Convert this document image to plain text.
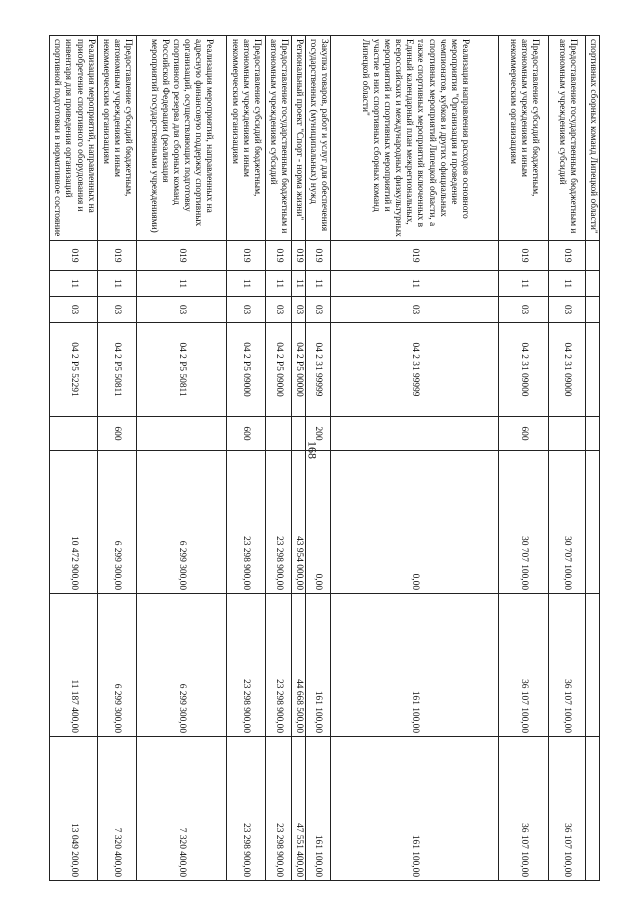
168
спортивных сборных команд Липецкой области"								
Предоставление государственным бюджетным и автономным учреждениям субсидий	019	11	03	04 2 31 09000		30 707 100,00	36 107 100,00	36 107 100,00
Предоставление субсидий бюджетным, автономным учреждениям и иным некоммерческим организациям	019	11	03	04 2 31 09000	600	30 707 100,00	36 107 100,00	36 107 100,00
Реализация направления расходов основного мероприятия "Организация и проведение чемпионатов, кубков и других официальных спортивных мероприятий Липецкой области, а также спортивных мероприятий включенных в Единый календарный план межрегиональных, всероссийских и международных физкультурных мероприятий и спортивных мероприятий и участие в них спортивных сборных команд Липецкой области"	019	11	03	04 2 31 99999		0,00	161 100,00	161 100,00
Закупка товаров, работ и услуг для обеспечения государственных (муниципальных) нужд	019	11	03	04 2 31 99999	200	0,00	161 100,00	161 100,00
Региональный проект "Спорт - норма жизни"	019	11	03	04 2 P5 00000		43 954 000,00	44 668 500,00	47 551 400,00
Предоставление государственным бюджетным и автономным учреждениям субсидий	019	11	03	04 2 P5 09000		23 298 900,00	23 298 900,00	23 298 900,00
Предоставление субсидий бюджетным, автономным учреждениям и иным некоммерческим организациям	019	11	03	04 2 P5 09000	600	23 298 900,00	23 298 900,00	23 298 900,00
Реализация мероприятий, направленных на адресную финансовую поддержку спортивных организаций, осуществляющих подготовку спортивного резерва для сборных команд Российской Федерации (реализация мероприятий государственными учреждениями)	019	11	03	04 2 P5 50811		6 299 300,00	6 299 300,00	7 320 400,00
Предоставление субсидий бюджетным, автономным учреждениям и иным некоммерческим организациям	019	11	03	04 2 P5 50811	600	6 299 300,00	6 299 300,00	7 320 400,00
Реализация мероприятий, направленных на приобретение спортивного оборудования и инвентаря для приведения организаций спортивной подготовки в нормативное состояние	019	11	03	04 2 P5 52291		10 472 900,00	11 187 400,00	13 049 200,00
